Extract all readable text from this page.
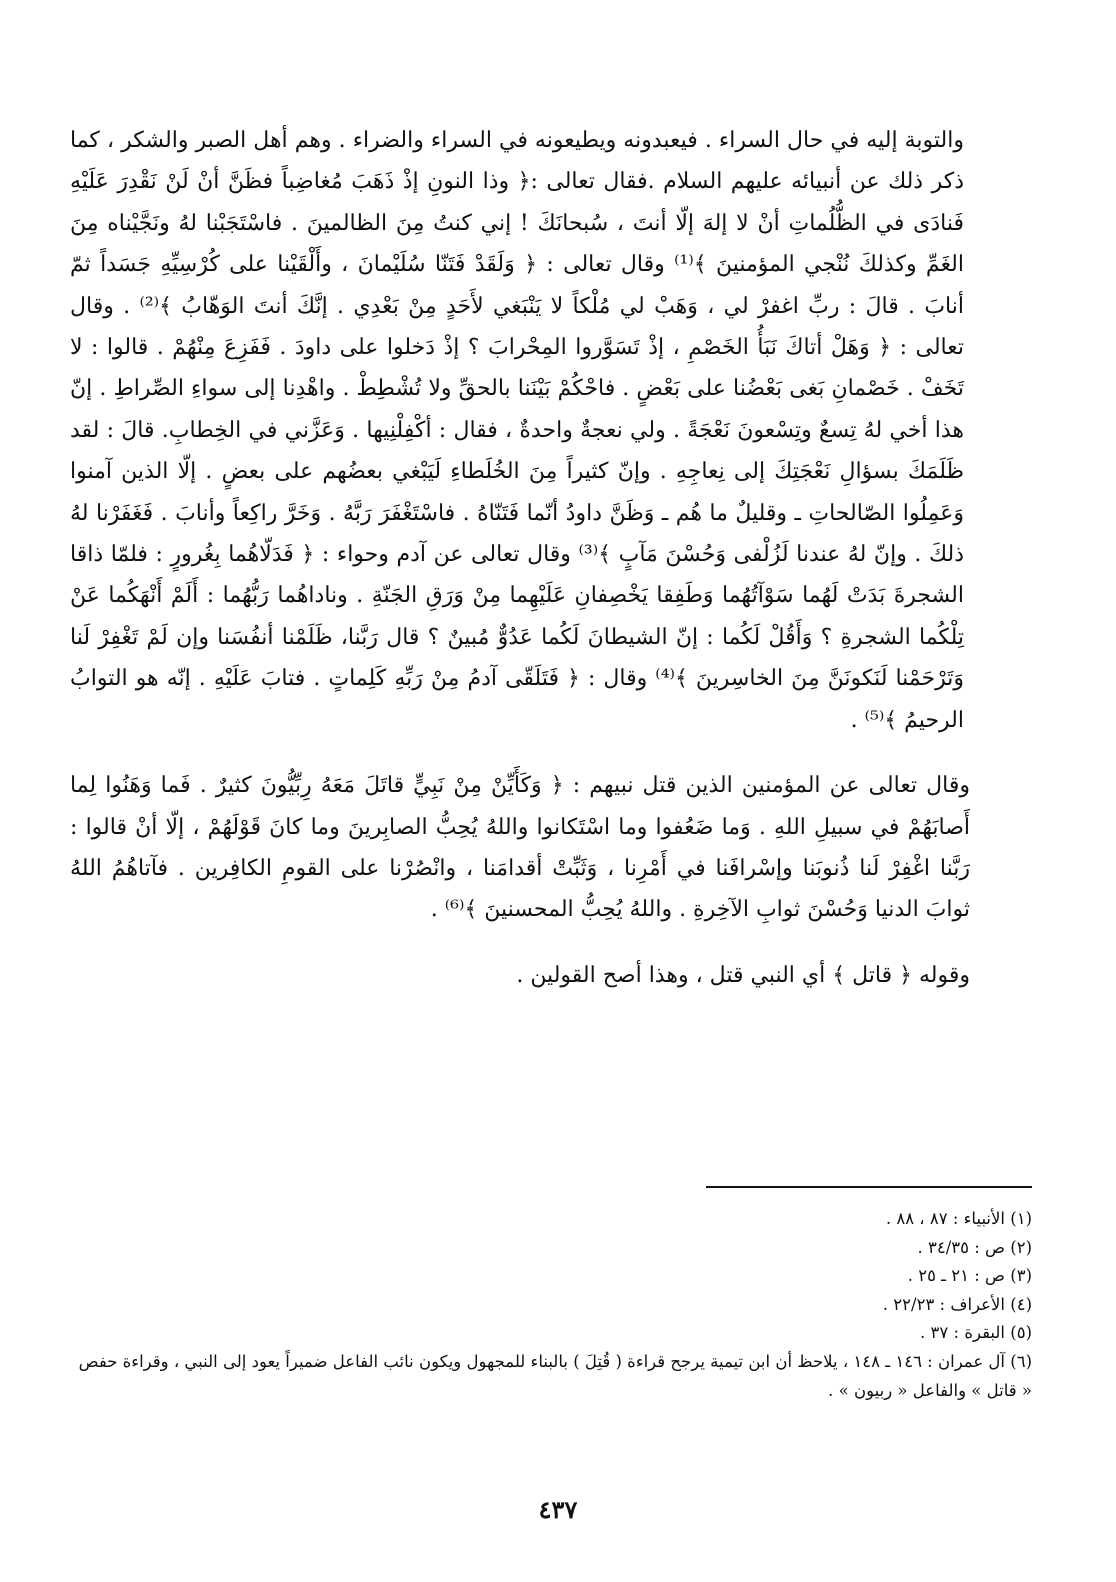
والتوبة إليه في حال السراء . فيعبدونه ويطيعونه في السراء والضراء . وهم أهل الصبر والشكر ، كما ذكر ذلك عن أنبيائه عليهم السلام .فقال تعالى :﴿ وذا النونِ إذْ ذَهَبَ مُغاضِباً فظَنَّ أنْ لَنْ نَقْدِرَ عَلَيْهِ فَنادَى في الظُّلُماتِ أنْ لا إلهَ إلّا أنتَ ، سُبحانَكَ ! إني كنتُ مِنَ الظالمينَ . فاسْتَجَبْنا لهُ ونَجَّيْناه مِنَ الغَمِّ وكذلكَ نُنْجي المؤمنينَ ﴾⁽¹⁾ وقال تعالى : ﴿ وَلَقَدْ فَتَنّا سُلَيْمانَ ، وأَلْقَيْنا على كُرْسِيِّهِ جَسَداً ثمّ أنابَ . قالَ : ربِّ اغفرْ لي ، وَهَبْ لي مُلْكاً لا يَنْبَغي لأَحَدٍ مِنْ بَعْدِي . إنَّكَ أنتَ الوَهّابُ ﴾⁽²⁾ . وقال تعالى : ﴿ وَهَلْ أتاكَ نَبَأُ الخَصْمِ ، إذْ تَسَوَّروا المِحْرابَ ؟ إذْ دَخلوا على داودَ . فَفَزِعَ مِنْهُمْ . قالوا : لا تَخَفْ . خَصْمانِ بَغى بَعْضُنا على بَعْضٍ . فاحْكُمْ بَيْنَنا بالحقِّ ولا تُشْطِطْ . واهْدِنا إلى سواءِ الصِّراطِ . إنّ هذا أخي لهُ تِسعٌ وتِسْعونَ نَعْجَةً . ولي نعجةٌ واحدةٌ ، فقال : أكْفِلْنِيها . وَعَزَّني في الخِطابِ. قالَ : لقد ظَلَمَكَ بسؤالِ نَعْجَتِكَ إلى نِعاجِهِ . وإنّ كثيراً مِنَ الخُلَطاءِ لَيَبْغي بعضُهم على بعضٍ . إلّا الذين آمنوا وَعَمِلُوا الصّالحاتِ ـ وقليلٌ ما هُم ـ وَظَنَّ داودُ أنّما فَتَنّاهُ . فاسْتَغْفَرَ رَبَّهُ . وَخَرَّ راكِعاً وأنابَ . فَغَفَرْنا لهُ ذلكَ . وإنّ لهُ عندنا لَزُلْفى وَحُسْنَ مَآبٍ ﴾⁽³⁾ وقال تعالى عن آدم وحواء : ﴿ فَدَلّاهُما بِغُرورٍ : فلمّا ذاقا الشجرةَ بَدَتْ لَهُما سَوْآتُهُما وَطَفِقا يَخْصِفانِ عَلَيْهِما مِنْ وَرَقِ الجَنّةِ . وناداهُما رَبُّهُما : أَلَمْ أَنْهَكُما عَنْ تِلْكُما الشجرةِ ؟ وَأَقُلْ لَكُما : إنّ الشيطانَ لَكُما عَدُوٌّ مُبينٌ ؟ قال رَبَّنا، ظَلَمْنا أنفُسَنا وإن لَمْ تَغْفِرْ لَنا وَتَرْحَمْنا لَنَكونَنَّ مِنَ الخاسِرينَ ﴾⁽⁴⁾ وقال : ﴿ فَتَلَقّى آدمُ مِنْ رَبِّهِ كَلِماتٍ . فتابَ عَلَيْهِ . إنّه هو التوابُ الرحيمُ ﴾⁽⁵⁾ .

وقال تعالى عن المؤمنين الذين قتل نبيهم : ﴿ وَكَأَيِّنْ مِنْ نَبِيٍّ قاتَلَ مَعَهُ رِبِّيُّونَ كثيرٌ . فَما وَهَنُوا لِما أَصابَهُمْ في سبيلِ اللهِ . وَما ضَعُفوا وما اسْتَكانوا واللهُ يُحِبُّ الصابِرينَ وما كانَ قَوْلَهُمْ ، إلّا أنْ قالوا : رَبَّنا اغْفِرْ لَنا ذُنوبَنا وإسْرافَنا في أَمْرِنا ، وَثَبِّتْ أقدامَنا ، وانْصُرْنا على القومِ الكافِرين . فآتاهُمُ اللهُ ثوابَ الدنيا وَحُسْنَ ثوابِ الآخِرةِ . واللهُ يُحِبُّ المحسنينَ ﴾⁽⁶⁾ .

وقوله ﴿ قاتل ﴾ أي النبي قتل ، وهذا أصح القولين .

(١) الأنبياء : ٨٧ ، ٨٨ .
(٢) ص : ٣٤/٣٥ .
(٣) ص : ٢١ ـ ٢٥ .
(٤) الأعراف : ٢٢/٢٣ .
(٥) البقرة : ٣٧ .
(٦) آل عمران : ١٤٦ ـ ١٤٨ ، يلاحظ أن ابن تيمية يرجح قراءة ( قُتِلَ ) بالبناء للمجهول ويكون نائب الفاعل ضميراً يعود إلى النبي ، وقراءة حفص « قاتل » والفاعل « ربيون » .
٤٣٧
